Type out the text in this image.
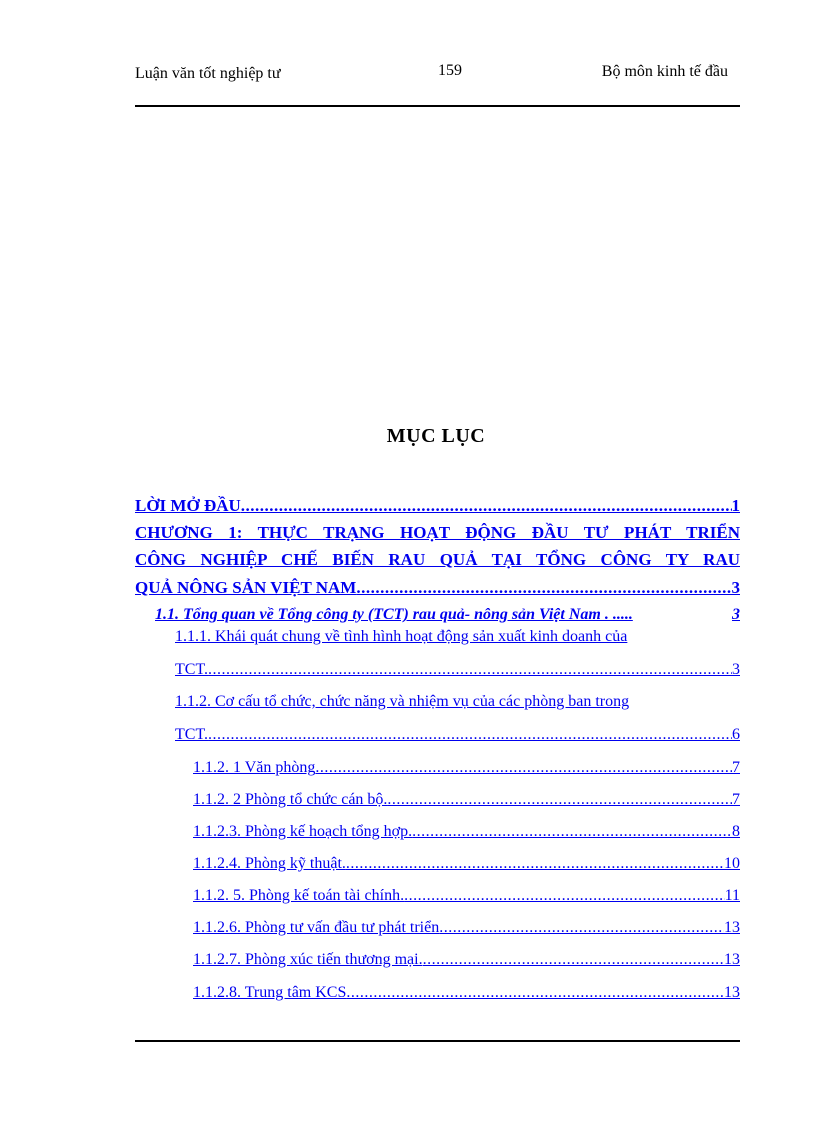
Luận văn tốt nghiệp tư	159	Bộ môn kinh tế đầu
MỤC LỤC
LỜI MỞ ĐẦU .....	1
CHƯƠNG 1: THỰC TRẠNG HOẠT ĐỘNG ĐẦU TƯ PHÁT TRIỂN
CÔNG NGHIỆP CHẾ BIẾN RAU QUẢ TẠI TỔNG CÔNG TY RAU
QUẢ NÔNG SẢN VIỆT NAM .....	3
1.1. Tổng quan về Tổng công ty (TCT) rau quả- nông sản Việt Nam . .....	3
1.1.1. Khái quát chung về tình hình hoạt động sản xuất kinh doanh của
TCT. .....	3
1.1.2. Cơ cấu tổ chức, chức năng và nhiệm vụ của các phòng ban trong
TCT. .....	6
1.1.2. 1 Văn phòng .....	7
1.1.2. 2 Phòng tổ chức cán bộ. .....	7
1.1.2.3. Phòng kế hoạch tổng hợp. .....	8
1.1.2.4. Phòng kỹ thuật. .....	10
1.1.2. 5. Phòng kế toán tài chính. .....	11
1.1.2.6. Phòng tư vấn đầu tư phát triển .....	13
1.1.2.7. Phòng xúc tiến thương mại. .....	13
1.1.2.8. Trung tâm KCS .....	13
